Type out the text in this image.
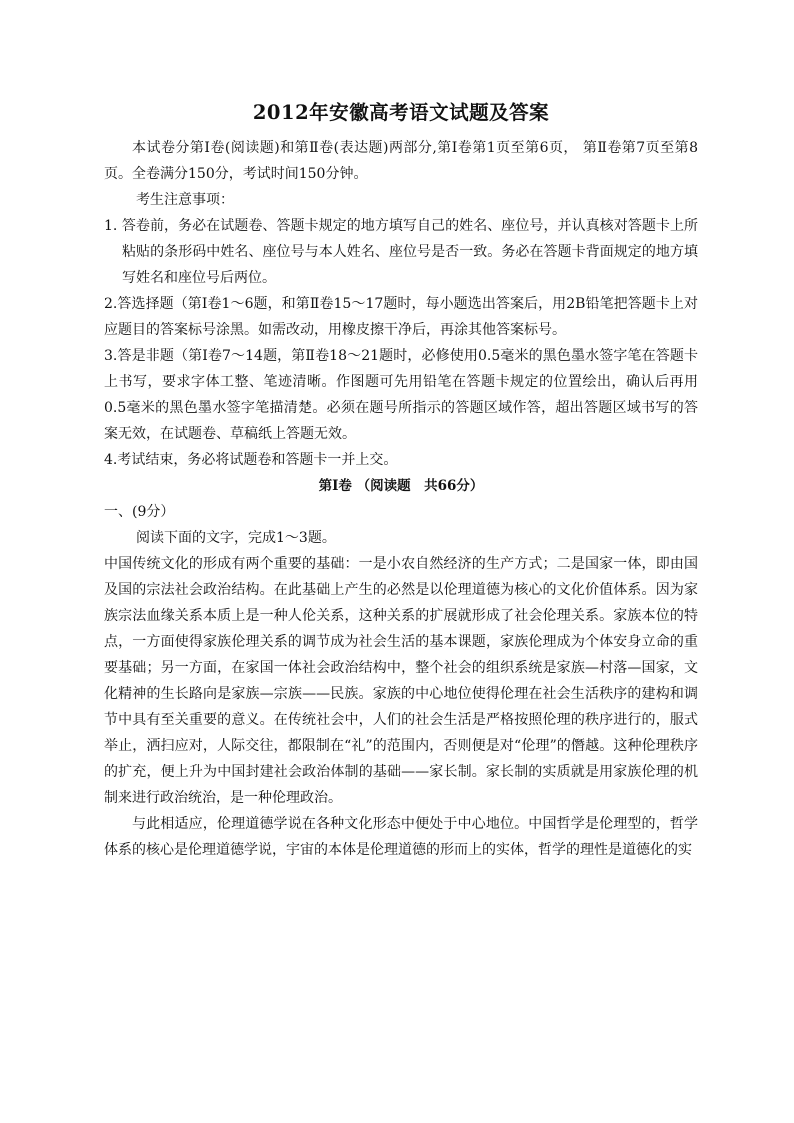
2012年安徽高考语文试题及答案

本试卷分第Ⅰ卷(阅读题)和第Ⅱ卷(表达题)两部分,第Ⅰ卷第1页至第6页， 第Ⅱ卷第7页至第8页。全卷满分150分，考试时间150分钟。

考生注意事项：

1. 答卷前，务必在试题卷、答题卡规定的地方填写自己的姓名、座位号，并认真核对答题卡上所粘贴的条形码中姓名、座位号与本人姓名、座位号是否一致。务必在答题卡背面规定的地方填写姓名和座位号后两位。

2.答选择题（第Ⅰ卷1～6题，和第Ⅱ卷15～17题时，每小题选出答案后，用2B铅笔把答题卡上对应题目的答案标号涂黑。如需改动，用橡皮擦干净后，再涂其他答案标号。

3.答是非题（第Ⅰ卷7～14题，第Ⅱ卷18～21题时，必修使用0.5毫米的黑色墨水签字笔在答题卡上书写，要求字体工整、笔迹清晰。作图题可先用铅笔在答题卡规定的位置绘出，确认后再用0.5毫米的黑色墨水签字笔描清楚。必须在题号所指示的答题区域作答，超出答题区域书写的答案无效，在试题卷、草稿纸上答题无效。

4.考试结束，务必将试题卷和答题卡一并上交。

第Ⅰ卷 （阅读题　共66分）

一、(9分）

阅读下面的文字，完成1～3题。

中国传统文化的形成有两个重要的基础：一是小农自然经济的生产方式；二是国家一体，即由国及国的宗法社会政治结构。在此基础上产生的必然是以伦理道德为核心的文化价值体系。因为家族宗法血缘关系本质上是一种人伦关系，这种关系的扩展就形成了社会伦理关系。家族本位的特点，一方面使得家族伦理关系的调节成为社会生活的基本课题，家族伦理成为个体安身立命的重要基础；另一方面，在家国一体社会政治结构中，整个社会的组织系统是家族—村落—国家，文化精神的生长路向是家族—宗族——民族。家族的中心地位使得伦理在社会生活秩序的建构和调节中具有至关重要的意义。在传统社会中，人们的社会生活是严格按照伦理的秩序进行的，服式举止，洒扫应对，人际交往，都限制在“礼”的范围内，否则便是对“伦理”的僭越。这种伦理秩序的扩充，便上升为中国封建社会政治体制的基础——家长制。家长制的实质就是用家族伦理的机制来进行政治统治，是一种伦理政治。

与此相适应，伦理道德学说在各种文化形态中便处于中心地位。中国哲学是伦理型的，哲学体系的核心是伦理道德学说，宇宙的本体是伦理道德的形而上的实体，哲学的理性是道德化的实
